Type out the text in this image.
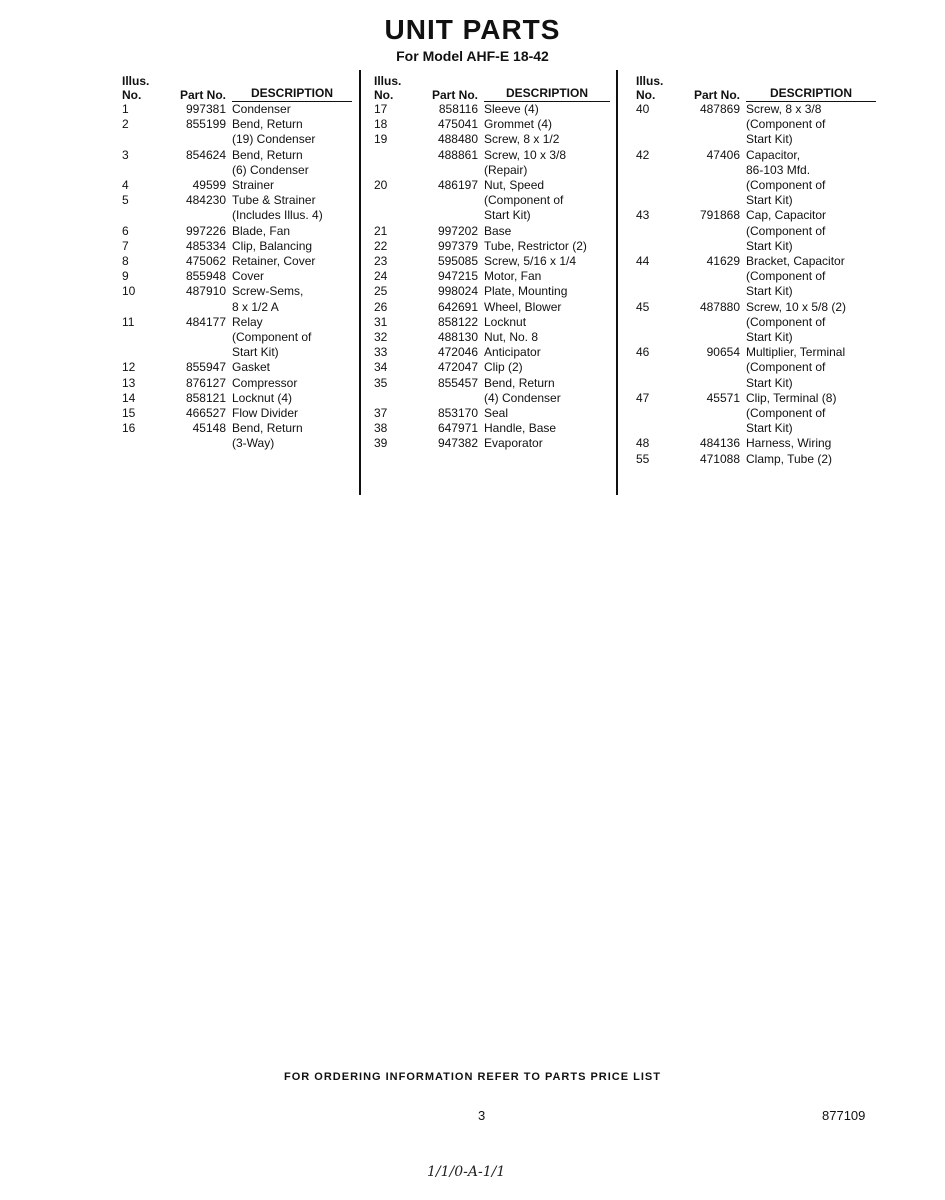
UNIT PARTS
For Model AHF-E 18-42
Illus. No.	Part No.	DESCRIPTION
1	997381 Condenser
2	855199 Bend, Return
(19) Condenser
3	854624 Bend, Return
(6) Condenser
4	49599 Strainer
5	484230 Tube & Strainer
(Includes Illus. 4)
6	997226 Blade, Fan
7	485334 Clip, Balancing
8	475062 Retainer, Cover
9	855948 Cover
10	487910 Screw-Sems,
8 x 1/2 A
11	484177 Relay
(Component of
Start Kit)
12	855947 Gasket
13	876127 Compressor
14	858121 Locknut (4)
15	466527 Flow Divider
16	45148 Bend, Return
(3-Way)
Illus. No.	Part No.	DESCRIPTION
17	858116 Sleeve (4)
18	475041 Grommet (4)
19	488480 Screw, 8 x 1/2
488861 Screw, 10 x 3/8
(Repair)
20	486197 Nut, Speed
(Component of
Start Kit)
21	997202 Base
22	997379 Tube, Restrictor (2)
23	595085 Screw, 5/16 x 1/4
24	947215 Motor, Fan
25	998024 Plate, Mounting
26	642691 Wheel, Blower
31	858122 Locknut
32	488130 Nut, No. 8
33	472046 Anticipator
34	472047 Clip (2)
35	855457 Bend, Return
(4) Condenser
37	853170 Seal
38	647971 Handle, Base
39	947382 Evaporator
Illus. No.	Part No.	DESCRIPTION
40	487869 Screw, 8 x 3/8
(Component of
Start Kit)
42	47406 Capacitor,
86-103 Mfd.
(Component of
Start Kit)
43	791868 Cap, Capacitor
(Component of
Start Kit)
44	41629 Bracket, Capacitor
(Component of
Start Kit)
45	487880 Screw, 10 x 5/8 (2)
(Component of
Start Kit)
46	90654 Multiplier, Terminal
(Component of
Start Kit)
47	45571 Clip, Terminal (8)
(Component of
Start Kit)
48	484136 Harness, Wiring
55	471088 Clamp, Tube (2)
FOR ORDERING INFORMATION REFER TO PARTS PRICE LIST
3	877109
1/1/0-A-1/1
